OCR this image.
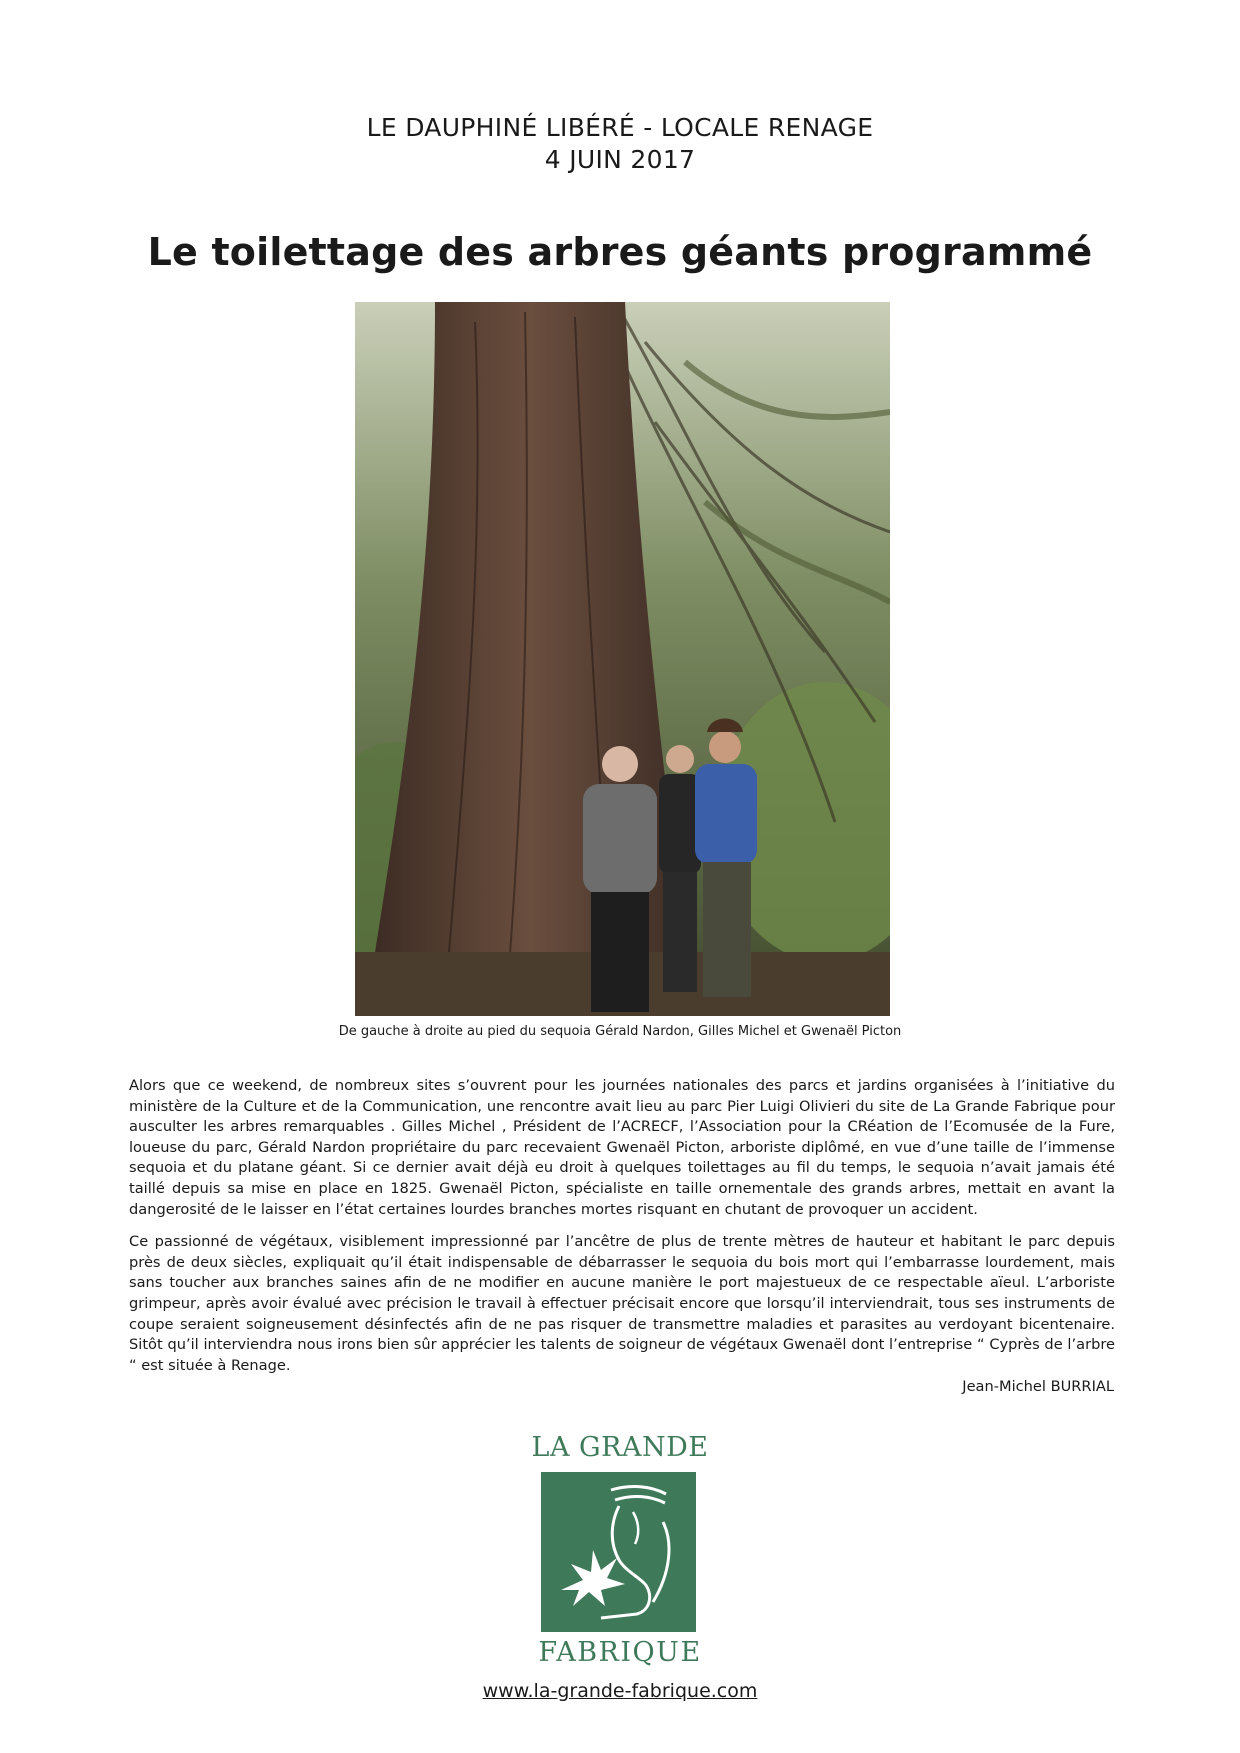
LE DAUPHINÉ LIBÉRÉ - LOCALE RENAGE
4 JUIN 2017
Le toilettage des arbres géants programmé
De gauche à droite au pied du sequoia Gérald Nardon, Gilles Michel et Gwenaël Picton

Alors que ce weekend, de nombreux sites s’ouvrent pour les journées nationales des parcs et jardins organisées à l’initiative du ministère de la Culture et de la Communication, une rencontre avait lieu au parc Pier Luigi Olivieri du site de La Grande Fabrique pour ausculter les arbres remarquables . Gilles Michel , Président de l’ACRECF, l’Association pour la CRéation de l’Ecomusée de la Fure, loueuse du parc, Gérald Nardon propriétaire du parc recevaient Gwenaël Picton, arboriste diplômé, en vue d’une taille de l’immense sequoia et du platane géant. Si ce dernier avait déjà eu droit à quelques toilettages au fil du temps, le sequoia n’avait jamais été taillé depuis sa mise en place en 1825. Gwenaël Picton, spécialiste en taille ornementale des grands arbres, mettait en avant la dangerosité de le laisser en l’état certaines lourdes branches mortes risquant en chutant de provoquer un accident.

Ce passionné de végétaux, visiblement impressionné par l’ancêtre de plus de trente mètres de hauteur et habitant le parc depuis près de deux siècles, expliquait qu’il était indispensable de débarrasser le sequoia du bois mort qui l’embarrasse lourdement, mais sans toucher aux branches saines afin de ne modifier en aucune manière le port majestueux de ce respectable aïeul. L’arboriste grimpeur, après avoir évalué avec précision le travail à effectuer précisait encore que lorsqu’il interviendrait, tous ses instruments de coupe seraient soigneusement désinfectés afin de ne pas risquer de transmettre maladies et parasites au verdoyant bicentenaire. Sitôt qu’il interviendra nous irons bien sûr apprécier les talents de soigneur de végétaux Gwenaël dont l’entreprise “ Cyprès de l’arbre “ est située à Renage.

Jean-Michel BURRIAL
LA GRANDE
FABRIQUE
www.la-grande-fabrique.com
